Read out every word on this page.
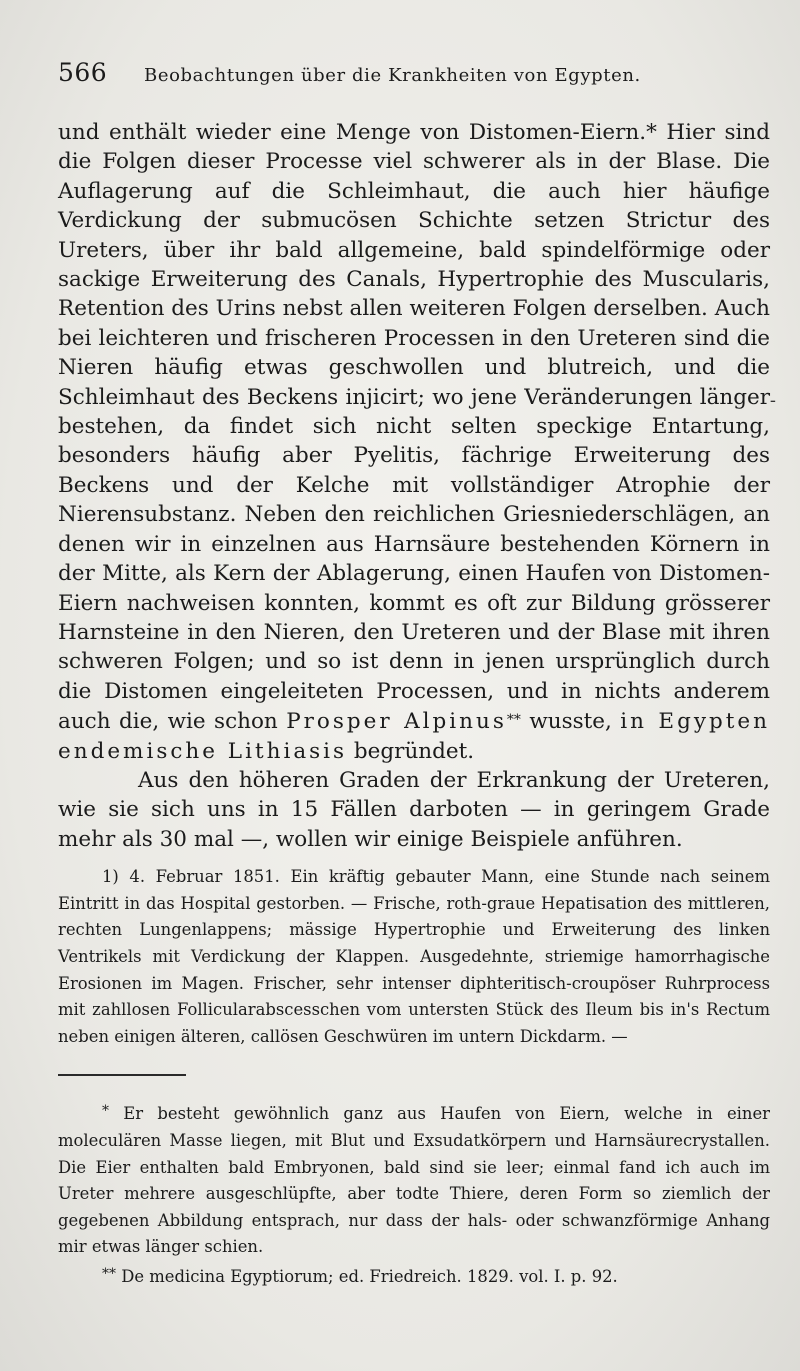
566	Beobachtungen über die Krankheiten von Egypten.

und enthält wieder eine Menge von Distomen-Eiern.* Hier sind die Folgen dieser Processe viel schwerer als in der Blase. Die Auflagerung auf die Schleimhaut, die auch hier häufige Verdickung der submucösen Schichte setzen Strictur des Ureters, über ihr bald allgemeine, bald spindelförmige oder sackige Erweiterung des Canals, Hypertrophie des Muscularis, Retention des Urins nebst allen weiteren Folgen derselben. Auch bei leichteren und frischeren Processen in den Ureteren sind die Nieren häufig etwas geschwollen und blutreich, und die Schleimhaut des Beckens injicirt; wo jene Veränderungen länger bestehen, da findet sich nicht selten speckige Entartung, besonders häufig aber Pyelitis, fächrige Erweiterung des Beckens und der Kelche mit vollständiger Atrophie der Nierensubstanz. Neben den reichlichen Griesniederschlägen, an denen wir in einzelnen aus Harnsäure bestehenden Körnern in der Mitte, als Kern der Ablagerung, einen Haufen von Distomen-Eiern nachweisen konnten, kommt es oft zur Bildung grösserer Harnsteine in den Nieren, den Ureteren und der Blase mit ihren schweren Folgen; und so ist denn in jenen ursprünglich durch die Distomen eingeleiteten Processen, und in nichts anderem auch die, wie schon Prosper Alpinus** wusste, in Egypten endemische Lithiasis begründet.

Aus den höheren Graden der Erkrankung der Ureteren, wie sie sich uns in 15 Fällen darboten — in geringem Grade mehr als 30 mal —, wollen wir einige Beispiele anführen.

1) 4. Februar 1851. Ein kräftig gebauter Mann, eine Stunde nach seinem Eintritt in das Hospital gestorben. — Frische, roth-graue Hepatisation des mittleren, rechten Lungenlappens; mässige Hypertrophie und Erweiterung des linken Ventrikels mit Verdickung der Klappen. Ausgedehnte, striemige hamorrhagische Erosionen im Magen. Frischer, sehr intenser diphteritisch-croupöser Ruhrprocess mit zahllosen Follicularabscesschen vom untersten Stück des Ileum bis in's Rectum neben einigen älteren, callösen Geschwüren im untern Dickdarm. —

* Er besteht gewöhnlich ganz aus Haufen von Eiern, welche in einer moleculären Masse liegen, mit Blut und Exsudatkörpern und Harnsäurecrystallen. Die Eier enthalten bald Embryonen, bald sind sie leer; einmal fand ich auch im Ureter mehrere ausgeschlüpfte, aber todte Thiere, deren Form so ziemlich der gegebenen Abbildung entsprach, nur dass der hals- oder schwanzförmige Anhang mir etwas länger schien.

** De medicina Egyptiorum; ed. Friedreich. 1829. vol. I. p. 92.

-
